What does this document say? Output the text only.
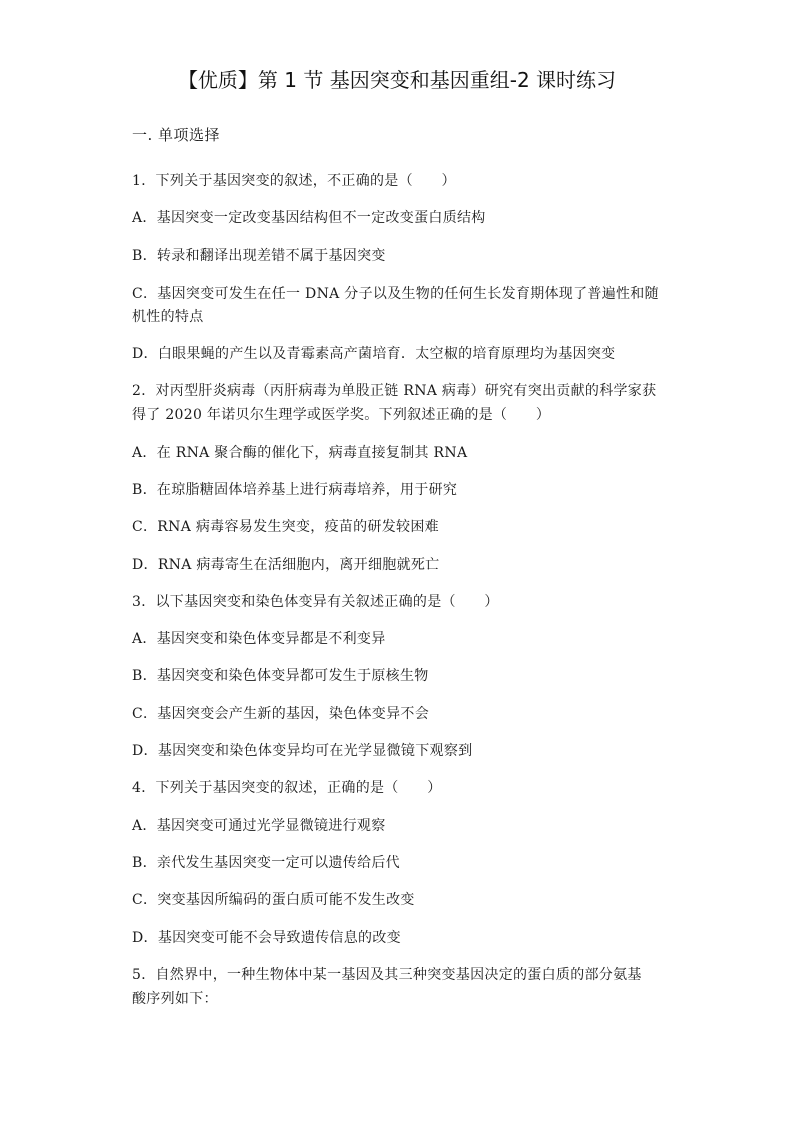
【优质】第 1 节 基因突变和基因重组-2 课时练习
一. 单项选择
1．下列关于基因突变的叙述，不正确的是（　　）
A．基因突变一定改变基因结构但不一定改变蛋白质结构
B．转录和翻译出现差错不属于基因突变
C．基因突变可发生在任一 DNA 分子以及生物的任何生长发育期体现了普遍性和随
机性的特点
D．白眼果蝇的产生以及青霉素高产菌培育．太空椒的培育原理均为基因突变
2．对丙型肝炎病毒（丙肝病毒为单股正链 RNA 病毒）研究有突出贡献的科学家获
得了 2020 年诺贝尔生理学或医学奖。下列叙述正确的是（　　）
A．在 RNA 聚合酶的催化下，病毒直接复制其 RNA
B．在琼脂糖固体培养基上进行病毒培养，用于研究
C．RNA 病毒容易发生突变，疫苗的研发较困难
D．RNA 病毒寄生在活细胞内，离开细胞就死亡
3．以下基因突变和染色体变异有关叙述正确的是（　　）
A．基因突变和染色体变异都是不利变异
B．基因突变和染色体变异都可发生于原核生物
C．基因突变会产生新的基因，染色体变异不会
D．基因突变和染色体变异均可在光学显微镜下观察到
4．下列关于基因突变的叙述，正确的是（　　）
A．基因突变可通过光学显微镜进行观察
B．亲代发生基因突变一定可以遗传给后代
C．突变基因所编码的蛋白质可能不发生改变
D．基因突变可能不会导致遗传信息的改变
5．自然界中，一种生物体中某一基因及其三种突变基因决定的蛋白质的部分氨基
酸序列如下：
